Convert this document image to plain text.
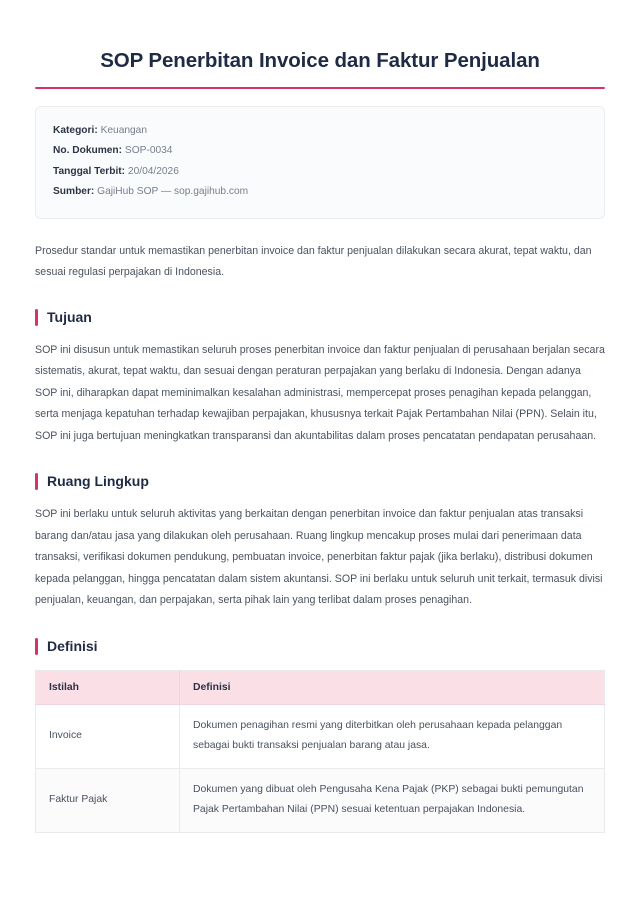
SOP Penerbitan Invoice dan Faktur Penjualan
Kategori: Keuangan
No. Dokumen: SOP-0034
Tanggal Terbit: 20/04/2026
Sumber: GajiHub SOP — sop.gajihub.com

Prosedur standar untuk memastikan penerbitan invoice dan faktur penjualan dilakukan secara akurat, tepat waktu, dan sesuai regulasi perpajakan di Indonesia.

Tujuan

SOP ini disusun untuk memastikan seluruh proses penerbitan invoice dan faktur penjualan di perusahaan berjalan secara sistematis, akurat, tepat waktu, dan sesuai dengan peraturan perpajakan yang berlaku di Indonesia. Dengan adanya SOP ini, diharapkan dapat meminimalkan kesalahan administrasi, mempercepat proses penagihan kepada pelanggan, serta menjaga kepatuhan terhadap kewajiban perpajakan, khususnya terkait Pajak Pertambahan Nilai (PPN). Selain itu, SOP ini juga bertujuan meningkatkan transparansi dan akuntabilitas dalam proses pencatatan pendapatan perusahaan.

Ruang Lingkup

SOP ini berlaku untuk seluruh aktivitas yang berkaitan dengan penerbitan invoice dan faktur penjualan atas transaksi barang dan/atau jasa yang dilakukan oleh perusahaan. Ruang lingkup mencakup proses mulai dari penerimaan data transaksi, verifikasi dokumen pendukung, pembuatan invoice, penerbitan faktur pajak (jika berlaku), distribusi dokumen kepada pelanggan, hingga pencatatan dalam sistem akuntansi. SOP ini berlaku untuk seluruh unit terkait, termasuk divisi penjualan, keuangan, dan perpajakan, serta pihak lain yang terlibat dalam proses penagihan.

Definisi
Istilah	Definisi
Invoice	Dokumen penagihan resmi yang diterbitkan oleh perusahaan kepada pelanggan sebagai bukti transaksi penjualan barang atau jasa.
Faktur Pajak	Dokumen yang dibuat oleh Pengusaha Kena Pajak (PKP) sebagai bukti pemungutan Pajak Pertambahan Nilai (PPN) sesuai ketentuan perpajakan Indonesia.
